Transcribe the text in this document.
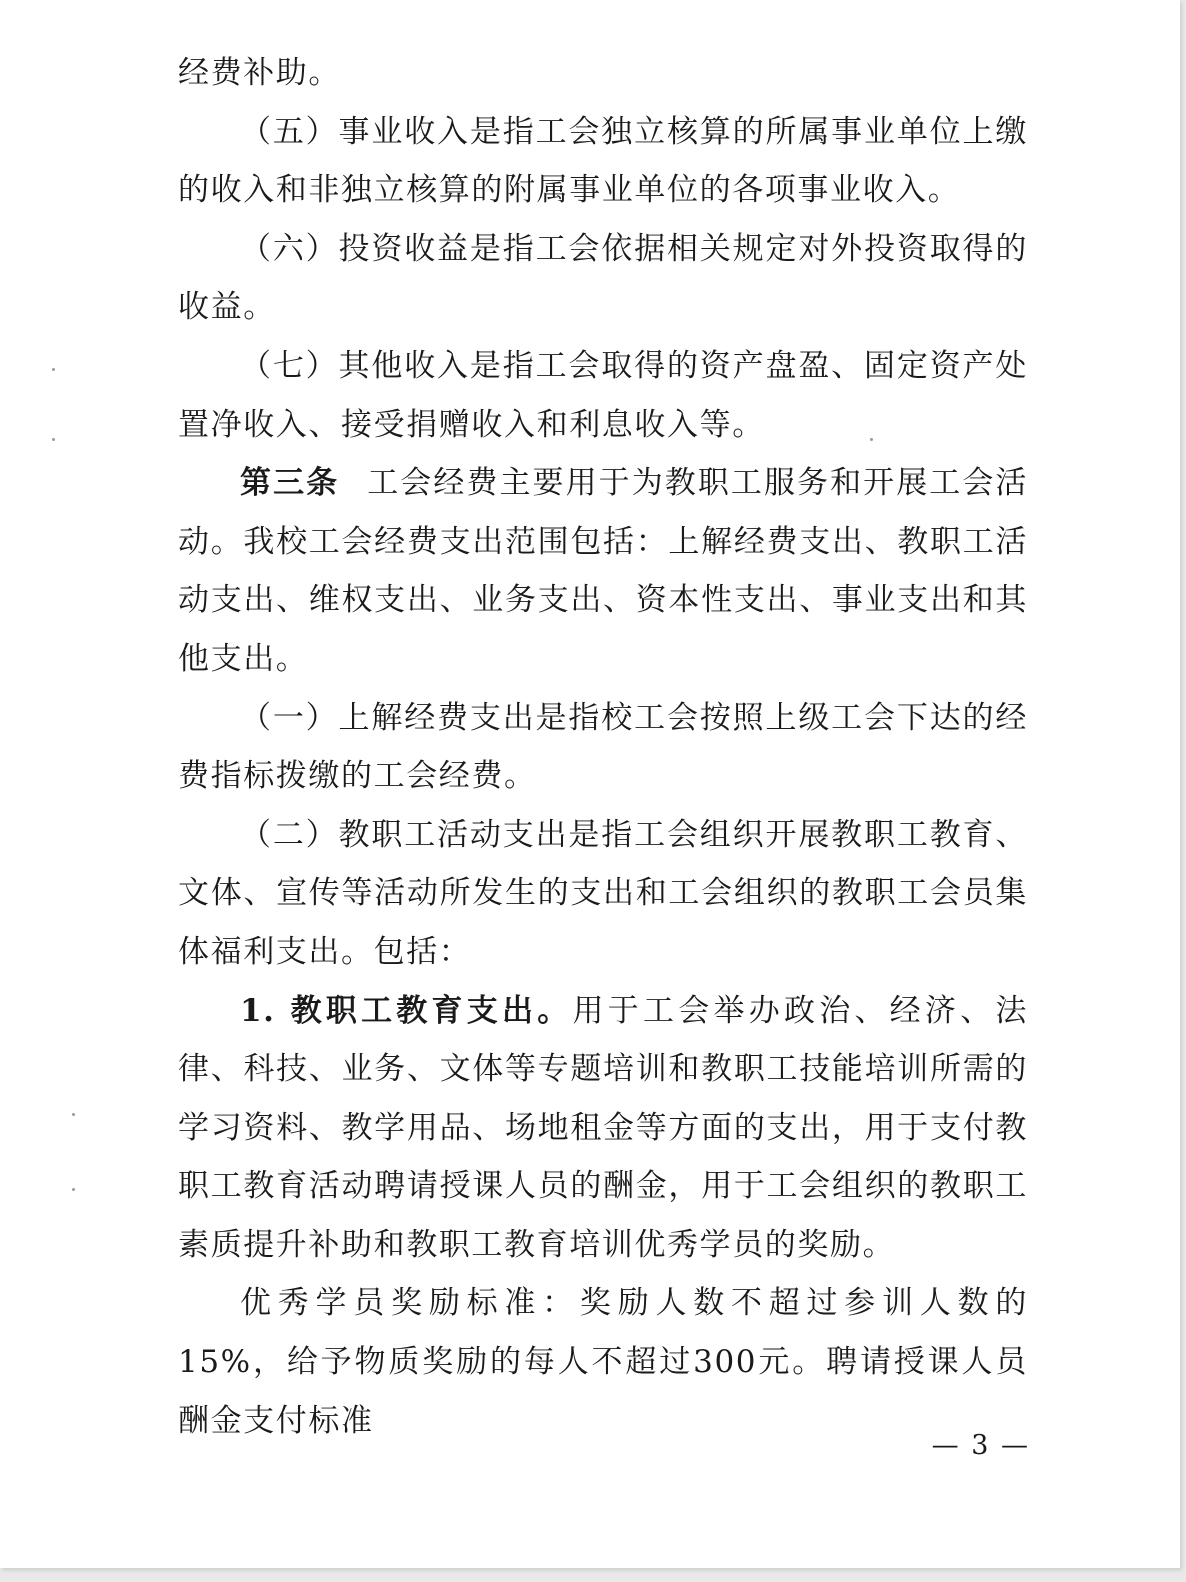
经费补助。

（五）事业收入是指工会独立核算的所属事业单位上缴的收入和非独立核算的附属事业单位的各项事业收入。

（六）投资收益是指工会依据相关规定对外投资取得的收益。

（七）其他收入是指工会取得的资产盘盈、固定资产处置净收入、接受捐赠收入和利息收入等。

第三条 工会经费主要用于为教职工服务和开展工会活动。我校工会经费支出范围包括：上解经费支出、教职工活动支出、维权支出、业务支出、资本性支出、事业支出和其他支出。

（一）上解经费支出是指校工会按照上级工会下达的经费指标拨缴的工会经费。

（二）教职工活动支出是指工会组织开展教职工教育、文体、宣传等活动所发生的支出和工会组织的教职工会员集体福利支出。包括：

1. 教职工教育支出。用于工会举办政治、经济、法律、科技、业务、文体等专题培训和教职工技能培训所需的学习资料、教学用品、场地租金等方面的支出，用于支付教职工教育活动聘请授课人员的酬金，用于工会组织的教职工素质提升补助和教职工教育培训优秀学员的奖励。

优秀学员奖励标准：奖励人数不超过参训人数的15%，给予物质奖励的每人不超过300元。聘请授课人员酬金支付标准

— 3 —
